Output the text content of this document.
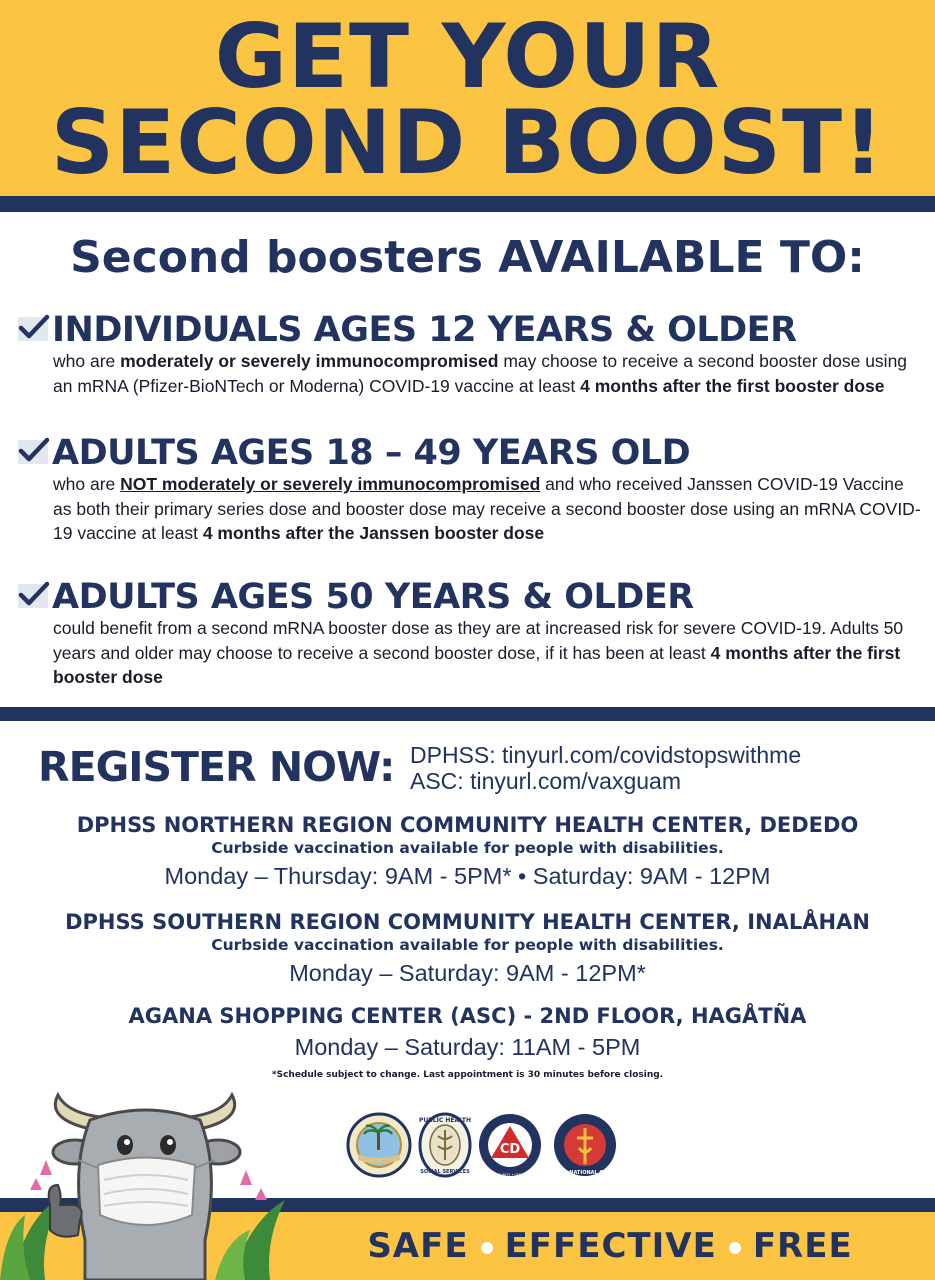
GET YOUR
SECOND BOOST!
Second boosters AVAILABLE TO:
INDIVIDUALS AGES 12 YEARS & OLDER
who are moderately or severely immunocompromised may choose to receive a second booster dose using an mRNA (Pfizer-BioNTech or Moderna) COVID-19 vaccine at least 4 months after the first booster dose
ADULTS AGES 18 – 49 YEARS OLD
who are NOT moderately or severely immunocompromised and who received Janssen COVID-19 Vaccine as both their primary series dose and booster dose may receive a second booster dose using an mRNA COVID-19 vaccine at least 4 months after the Janssen booster dose
ADULTS AGES 50 YEARS & OLDER
could benefit from a second mRNA booster dose as they are at increased risk for severe COVID-19. Adults 50 years and older may choose to receive a second booster dose, if it has been at least 4 months after the first booster dose
REGISTER NOW: DPHSS: tinyurl.com/covidstopswithme
ASC: tinyurl.com/vaxguam
DPHSS NORTHERN REGION COMMUNITY HEALTH CENTER, DEDEDO
Curbside vaccination available for people with disabilities.
Monday – Thursday: 9AM - 5PM* • Saturday: 9AM - 12PM
DPHSS SOUTHERN REGION COMMUNITY HEALTH CENTER, INALÅHAN
Curbside vaccination available for people with disabilities.
Monday – Saturday: 9AM - 12PM*
AGANA SHOPPING CENTER (ASC) - 2ND FLOOR, HAGÅTÑA
Monday – Saturday: 11AM - 5PM
*Schedule subject to change. Last appointment is 30 minutes before closing.
PUBLIC HEALTH
SOCIAL SERVICES
CD
GUAM HOMELAND SECURITY • OFFICE OF CIVIL DEFENSE
GUAM NATIONAL GUARD
SAFE EFFECTIVE FREE
